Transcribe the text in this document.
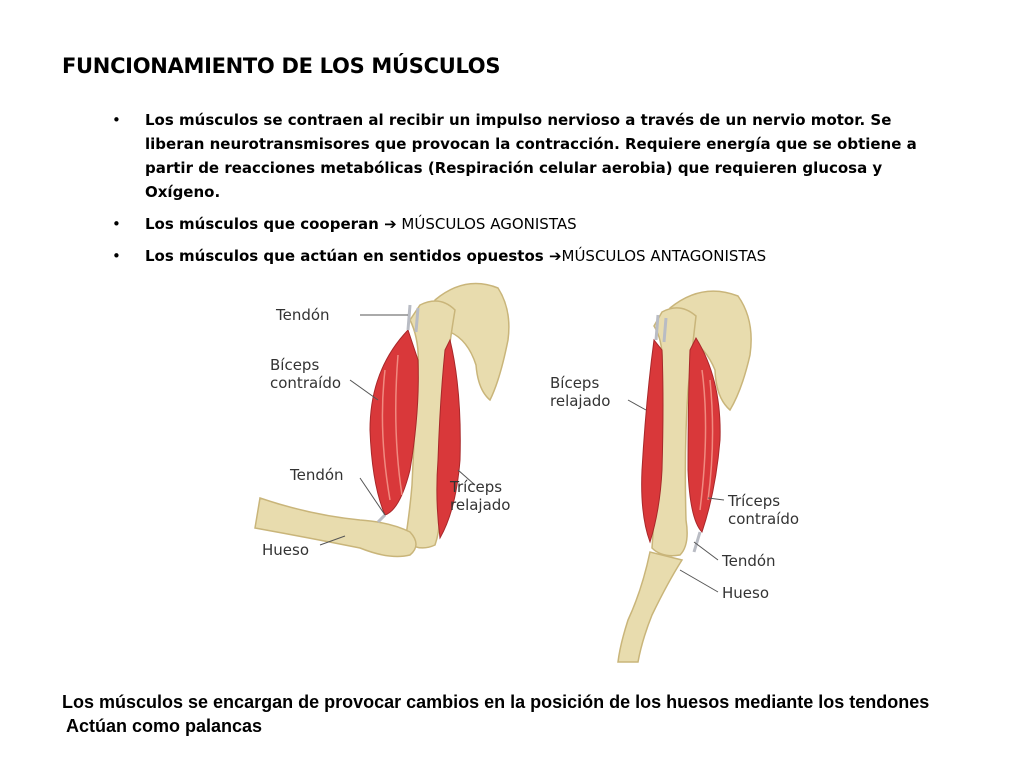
FUNCIONAMIENTO DE LOS MÚSCULOS
• Los músculos se contraen al recibir un impulso nervioso a través de un nervio motor. Se liberan neurotransmisores que provocan la contracción. Requiere energía que se obtiene a partir de reacciones metabólicas (Respiración celular aerobia) que requieren glucosa y Oxígeno.
• Los músculos que cooperan ➔ MÚSCULOS AGONISTAS
• Los músculos que actúan en sentidos opuestos ➔MÚSCULOS ANTAGONISTAS
Tendón
Bíceps
contraído
Tendón
Tríceps
relajado
Hueso
Bíceps
relajado
Tríceps
contraído
Tendón
Hueso
Los músculos se encargan de provocar cambios en la posición de los huesos mediante los tendones
Actúan como palancas
